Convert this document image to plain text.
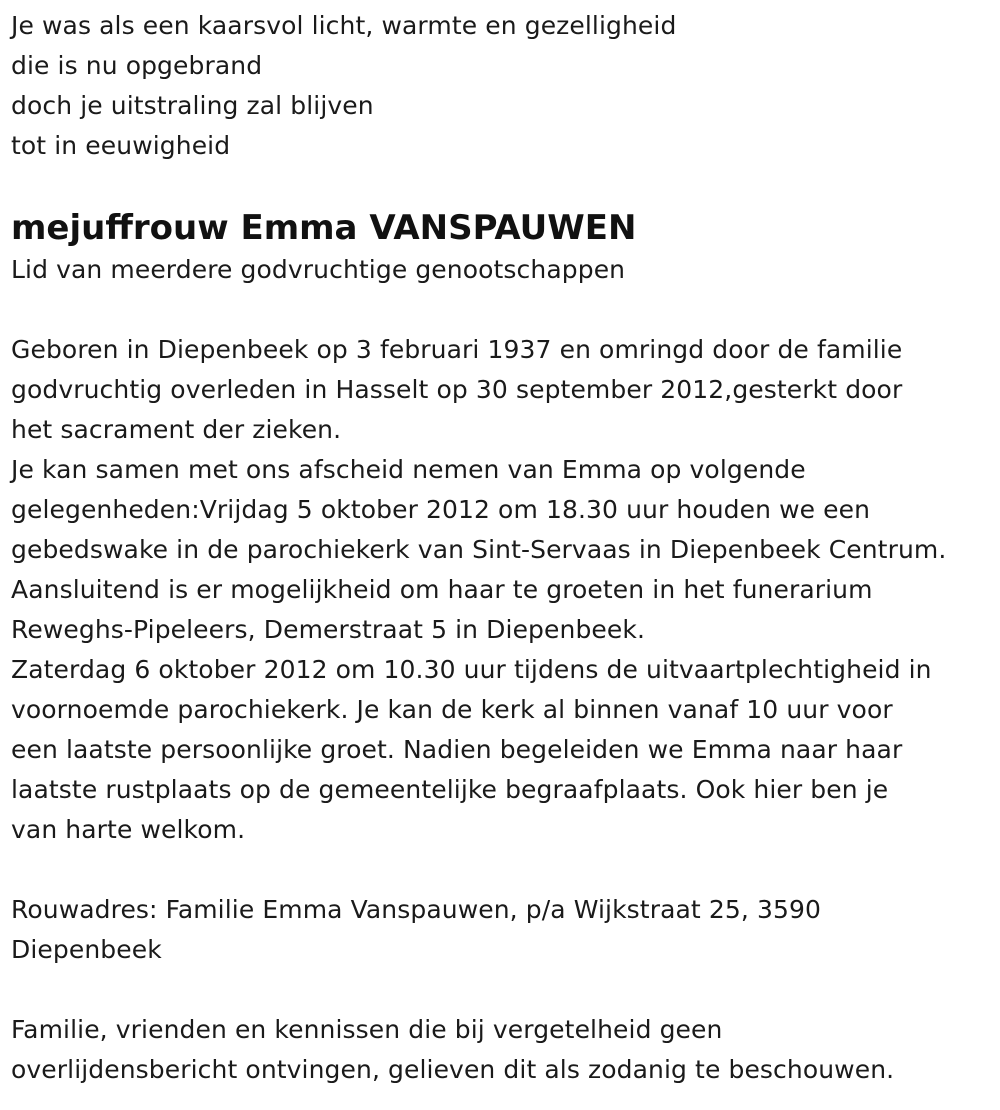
Je was als een kaarsvol licht, warmte en gezelligheid
die is nu opgebrand
doch je uitstraling zal blijven
tot in eeuwigheid
mejuffrouw Emma VANSPAUWEN
Lid van meerdere godvruchtige genootschappen
Geboren in Diepenbeek op 3 februari 1937 en omringd door de familie
godvruchtig overleden in Hasselt op 30 september 2012,gesterkt door
het sacrament der zieken.
Je kan samen met ons afscheid nemen van Emma op volgende
gelegenheden:Vrijdag 5 oktober 2012 om 18.30 uur houden we een
gebedswake in de parochiekerk van Sint-Servaas in Diepenbeek Centrum.
Aansluitend is er mogelijkheid om haar te groeten in het funerarium
Reweghs-Pipeleers, Demerstraat 5 in Diepenbeek.
Zaterdag 6 oktober 2012 om 10.30 uur tijdens de uitvaartplechtigheid in
voornoemde parochiekerk. Je kan de kerk al binnen vanaf 10 uur voor
een laatste persoonlijke groet. Nadien begeleiden we Emma naar haar
laatste rustplaats op de gemeentelijke begraafplaats. Ook hier ben je
van harte welkom.
Rouwadres: Familie Emma Vanspauwen, p/a Wijkstraat 25, 3590
Diepenbeek
Familie, vrienden en kennissen die bij vergetelheid geen
overlijdensbericht ontvingen, gelieven dit als zodanig te beschouwen.
